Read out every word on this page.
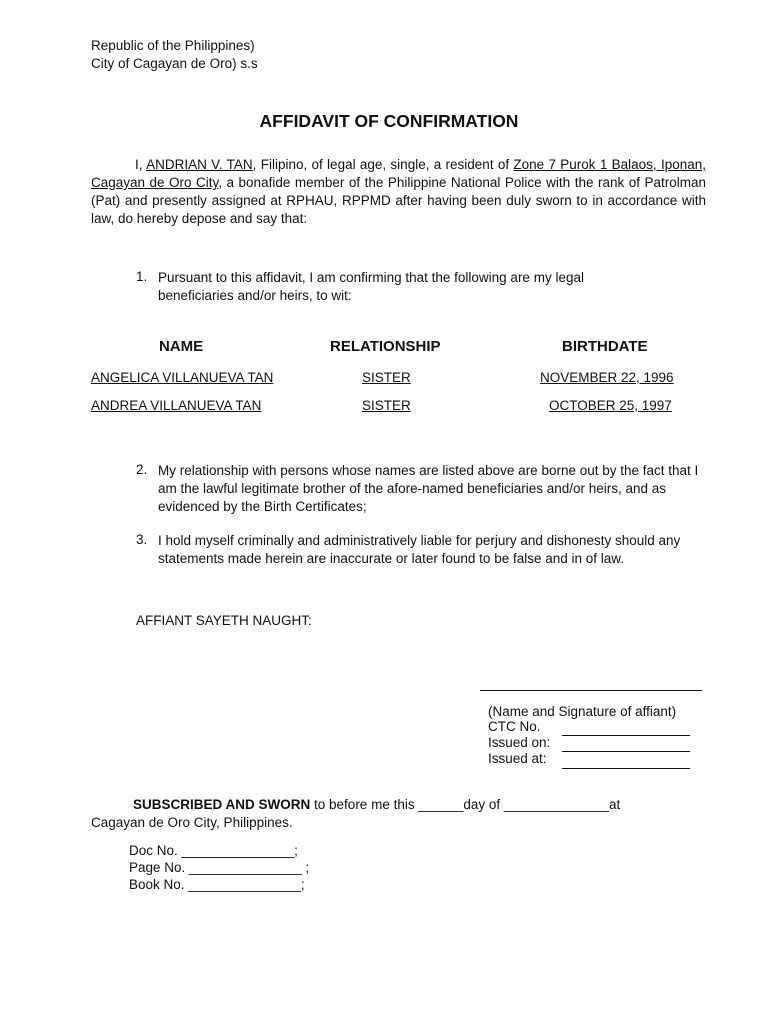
Republic of the Philippines)
City of Cagayan de Oro) s.s
AFFIDAVIT OF CONFIRMATION
I, ANDRIAN V. TAN, Filipino, of legal age, single, a resident of Zone 7 Purok 1 Balaos, Iponan, Cagayan de Oro City, a bonafide member of the Philippine National Police with the rank of Patrolman (Pat) and presently assigned at RPHAU, RPPMD after having been duly sworn to in accordance with law, do hereby depose and say that:
1. Pursuant to this affidavit, I am confirming that the following are my legal beneficiaries and/or heirs, to wit:
NAME	RELATIONSHIP	BIRTHDATE
ANGELICA VILLANUEVA TAN	SISTER	NOVEMBER 22, 1996
ANDREA VILLANUEVA TAN	SISTER	OCTOBER 25, 1997
2. My relationship with persons whose names are listed above are borne out by the fact that I am the lawful legitimate brother of the afore-named beneficiaries and/or heirs, and as evidenced by the Birth Certificates;
3. I hold myself criminally and administratively liable for perjury and dishonesty should any statements made herein are inaccurate or later found to be false and in of law.
AFFIANT SAYETH NAUGHT:
(Name and Signature of affiant)
CTC No.
Issued on:
Issued at:
SUBSCRIBED AND SWORN to before me this ______day of ______________at
Cagayan de Oro City, Philippines.
Doc No. _______________;
Page No. _______________ ;
Book No. _______________;
